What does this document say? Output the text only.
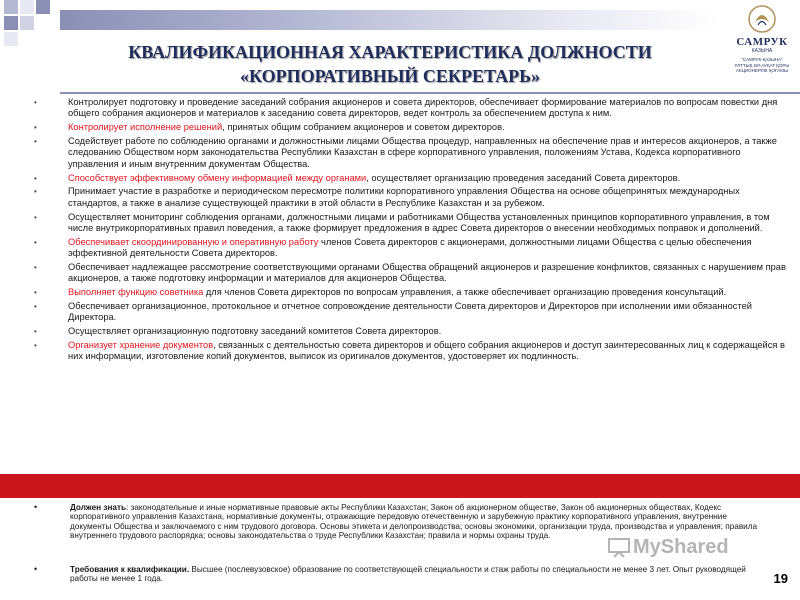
КВАЛИФИКАЦИОННАЯ ХАРАКТЕРИСТИКА ДОЛЖНОСТИ
«КОРПОРАТИВНЫЙ СЕКРЕТАРЬ»
САМРУК
КАЗЫНА
"САМРУК-ҚАЗЫНА"
ҰЛТТЫҚ ӘЛ-АУҚАТ ҚОРЫ
АКЦИОНЕРЛІК ҚОҒАМЫ
•	Контролирует подготовку и проведение заседаний собрания акционеров и совета директоров, обеспечивает формирование материалов по вопросам повестки дня общего собрания акционеров и материалов к заседанию совета директоров, ведет контроль за обеспечением доступа к ним.
•	Контролирует исполнение решений, принятых общим собранием акционеров и советом директоров.
•	Содействует работе по соблюдению органами и должностными лицами Общества процедур, направленных на обеспечение прав и интересов акционеров, а также следованию Обществом норм законодательства Республики Казахстан в сфере корпоративного управления, положениям Устава, Кодекса корпоративного управления и иным внутренним документам Общества.
•	Способствует эффективному обмену информацией между органами, осуществляет организацию проведения заседаний Совета директоров.
•	Принимает участие в разработке и периодическом пересмотре политики корпоративного управления Общества на основе общепринятых международных стандартов, а также в анализе существующей практики в этой области в Республике Казахстан и за рубежом.
•	Осуществляет мониторинг соблюдения органами, должностными лицами и работниками Общества установленных принципов корпоративного управления, в том числе внутрикорпоративных правил поведения, а также формирует предложения в адрес Совета директоров о внесении необходимых поправок и дополнений.
•	Обеспечивает скоординированную и оперативную работу членов Совета директоров с акционерами, должностными лицами Общества с целью обеспечения эффективной деятельности Совета директоров.
•	Обеспечивает надлежащее рассмотрение соответствующими органами Общества обращений акционеров и разрешение конфликтов, связанных с нарушением прав акционеров, а также подготовку информации и материалов для акционеров Общества.
•	Выполняет функцию советника для членов Совета директоров по вопросам управления, а также обеспечивает организацию проведения консультаций.
•	Обеспечивает организационное, протокольное и отчетное сопровождение деятельности Совета директоров и Директоров при исполнении ими обязанностей Директора.
•	Осуществляет организационную подготовку заседаний комитетов Совета директоров.
•	Организует хранение документов, связанных с деятельностью совета директоров и общего собрания акционеров и доступ заинтересованных лиц к содержащейся в них информации, изготовление копий документов, выписок из оригиналов документов, удостоверяет их подлинность.
•	Должен знать: законодательные и иные нормативные правовые акты Республики Казахстан; Закон об акционерном обществе, Закон об акционерных обществах, Кодекс корпоративного управления Казахстана, нормативные документы, отражающие передовую отечественную и зарубежную практику корпоративного управления, внутренние документы Общества и заключаемого с ним трудового договора. Основы этикета и делопроизводства; основы экономики, организации труда, производства и управления; правила внутреннего трудового распорядка; основы законодательства о труде Республики Казахстан; правила и нормы охраны труда.
•	Требования к квалификации. Высшее (послевузовское) образование по соответствующей специальности и стаж работы по специальности не менее 3 лет. Опыт руководящей работы не менее 1 года.
MyShared
19
